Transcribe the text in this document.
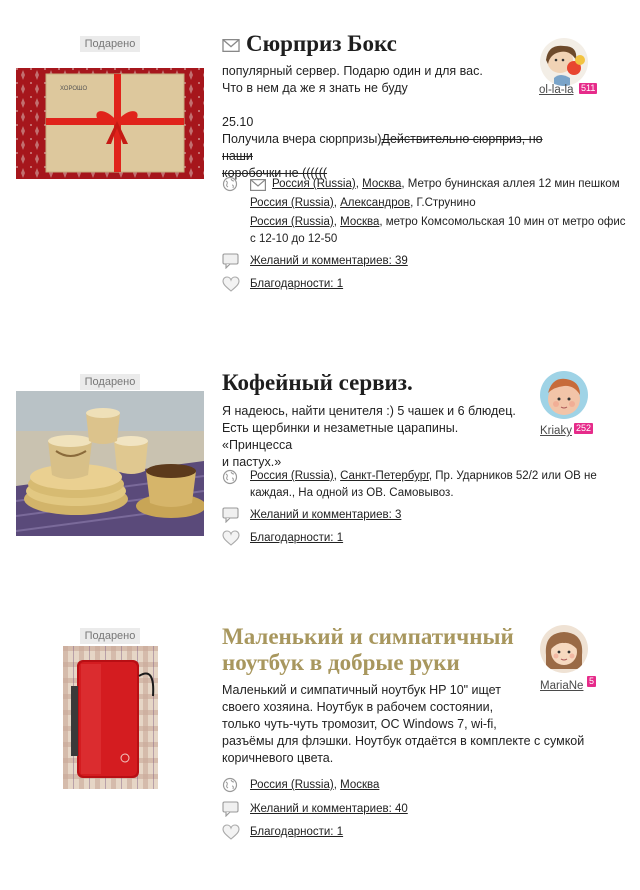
Подарено
ХОРОШО
Сюрприз Бокс

популярный сервер. Подарю один и для вас.

Что в нем да же я знать не буду

25.10

Получила вчера сюрпризы)Действительно сюрприз, но наши

коробочки не ((((((

Россия (Russia), Москва, Метро бунинская аллея 12 мин пешком
Россия (Russia), Александров, Г.Струнино
Россия (Russia), Москва, метро Комсомольская 10 мин от метро офис
с 12-10 до 12-50
Желаний и комментариев: 39
Благодарности: 1
ol-la-la 511
Подарено	Кофейный сервиз.

Я надеюсь, найти ценителя :) 5 чашек и 6 блюдец.

Есть щербинки и незаметные царапины. «Принцесса

и пастух.»

Россия (Russia), Санкт-Петербург, Пр. Ударников 52/2 или ОВ не
каждая., На одной из ОВ. Самовывоз.
Желаний и комментариев: 3
Благодарности: 1
Kriaky 252
Подарено	Маленький и симпатичный
ноутбук в добрые руки

Маленький и симпатичный ноутбук HP 10" ищет

своего хозяина. Ноутбук в рабочем состоянии,

только чуть-чуть тромозит, ОС Windows 7, wi-fi,

разъёмы для флэшки. Ноутбук отдаётся в комплекте с сумкой

коричневого цвета.

Россия (Russia), Москва
Желаний и комментариев: 40
Благодарности: 1
MariaNe 5
